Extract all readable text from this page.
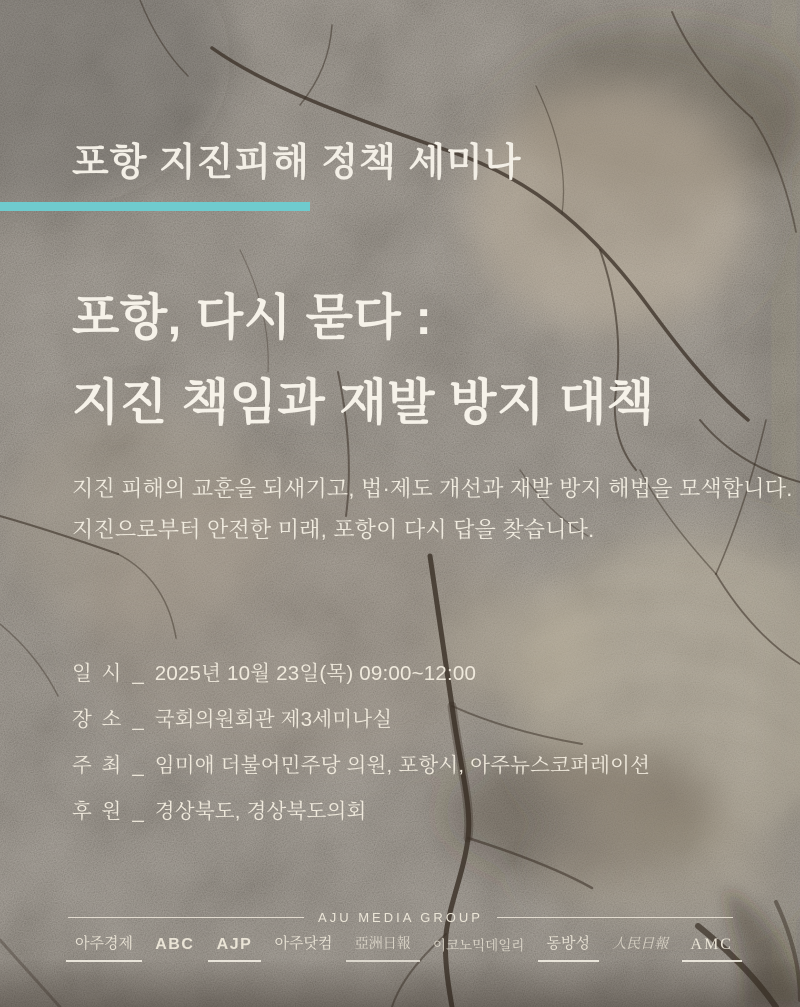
포항 지진피해 정책 세미나
포항, 다시 묻다 :
지진 책임과 재발 방지 대책

지진 피해의 교훈을 되새기고, 법·제도 개선과 재발 방지 해법을 모색합니다.
지진으로부터 안전한 미래, 포항이 다시 답을 찾습니다.

일 시 _ 2025년 10월 23일(목) 09:00~12:00
장 소 _ 국회의원회관 제3세미나실
주 최 _ 임미애 더불어민주당 의원, 포항시, 아주뉴스코퍼레이션
후 원 _ 경상북도, 경상북도의회
AJU MEDIA GROUP
아주경제	ABC	AJP	아주닷컴	亞洲日報	이코노믹데일리	동방성	人民日報	AMC
